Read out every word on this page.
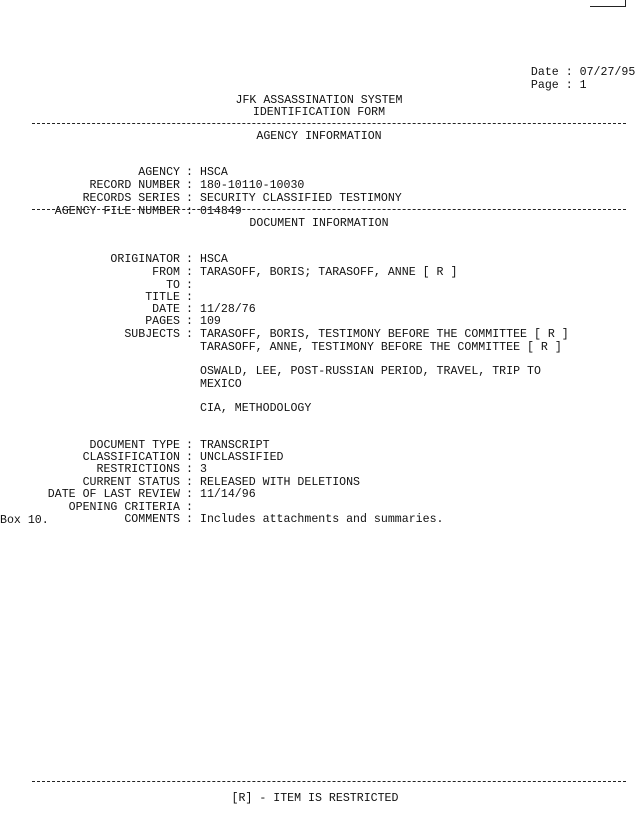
Date : 07/27/95

Page : 1

JFK ASSASSINATION SYSTEM
IDENTIFICATION FORM
AGENCY INFORMATION

AGENCY : HSCA

RECORD NUMBER : 180-10110-10030

RECORDS SERIES : SECURITY CLASSIFIED TESTIMONY

AGENCY FILE NUMBER : 014849

DOCUMENT INFORMATION

ORIGINATOR : HSCA

FROM : TARASOFF, BORIS; TARASOFF, ANNE [ R ]

TO :

TITLE :

DATE : 11/28/76

PAGES : 109

SUBJECTS : TARASOFF, BORIS, TESTIMONY BEFORE THE COMMITTEE [ R ]

TARASOFF, ANNE, TESTIMONY BEFORE THE COMMITTEE [ R ]
OSWALD, LEE, POST-RUSSIAN PERIOD, TRAVEL, TRIP TO
MEXICO
CIA, METHODOLOGY

DOCUMENT TYPE : TRANSCRIPT

CLASSIFICATION : UNCLASSIFIED

RESTRICTIONS : 3

CURRENT STATUS : RELEASED WITH DELETIONS

DATE OF LAST REVIEW : 11/14/96

OPENING CRITERIA :

COMMENTS : Includes attachments and summaries.

Box 10.
[R] - ITEM IS RESTRICTED
